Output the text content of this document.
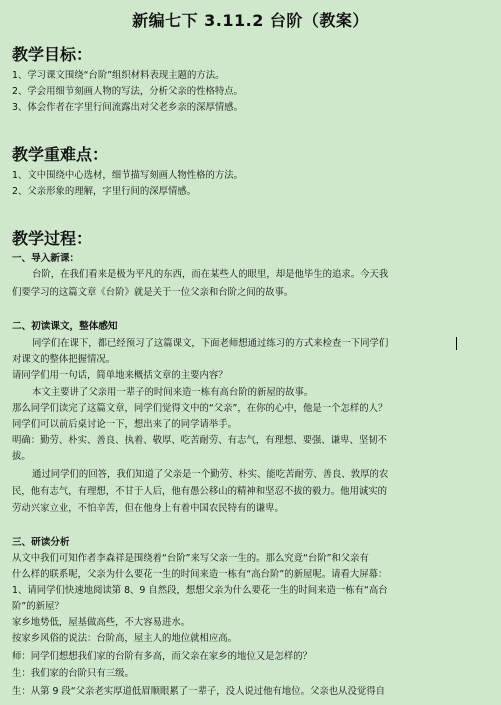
新编七下 3.11.2 台阶（教案）
教学目标：
1、学习课文围绕“台阶”组织材料表现主题的方法。
2、学会用细节刻画人物的写法，分析父亲的性格特点。
3、体会作者在字里行间流露出对父老乡亲的深厚情感。
教学重难点：
1、文中围绕中心选材，细节描写刻画人物性格的方法。
2、父亲形象的理解，字里行间的深厚情感。
教学过程：
一、导入新课：
台阶，在我们看来是极为平凡的东西，而在某些人的眼里，却是他毕生的追求。今天我
们要学习的这篇文章《台阶》就是关于一位父亲和台阶之间的故事。
二、初读课文，整体感知
同学们在课下，都已经预习了这篇课文，下面老师想通过练习的方式来检查一下同学们
对课文的整体把握情况。
请同学们用一句话，简单地来概括文章的主要内容？
本文主要讲了父亲用一辈子的时间来造一栋有高台阶的新屋的故事。
那么同学们读完了这篇文章，同学们觉得文中的“父亲”，在你的心中，他是一个怎样的人？
同学们可以前后桌讨论一下，想出来了的同学请举手。
明确：勤劳、朴实、善良、执着、敬厚、吃苦耐劳、有志气，有理想、要强、谦卑、坚韧不
拔。
通过同学们的回答，我们知道了父亲是一个勤劳、朴实、能吃苦耐劳、善良、敦厚的农
民，他有志气，有理想，不甘于人后，他有愚公移山的精神和坚忍不拔的毅力。他用诚实的
劳动兴家立业，不怕辛苦，但在他身上有着中国农民特有的谦卑。
三、研读分析
从文中我们可知作者李森祥是围绕着“台阶”来写父亲一生的。那么究竟“台阶”和父亲有
什么样的联系呢，父亲为什么要花一生的时间来造一栋有“高台阶”的新屋呢。请看大屏幕：
1、请同学们快速地阅读第 8、9 自然段，想想父亲为什么要花一生的时间来造一栋有“高台
阶”的新屋？
家乡地势低，屋基做高些，不大容易进水。
按家乡风俗的说法：台阶高，屋主人的地位就相应高。
师：同学们想想我们家的台阶有多高，而父亲在家乡的地位又是怎样的？
生：我们家的台阶只有三级。
生：从第 9 段“父亲老实厚道低眉顺眼累了一辈子，没人说过他有地位。父亲也从没觉得自
